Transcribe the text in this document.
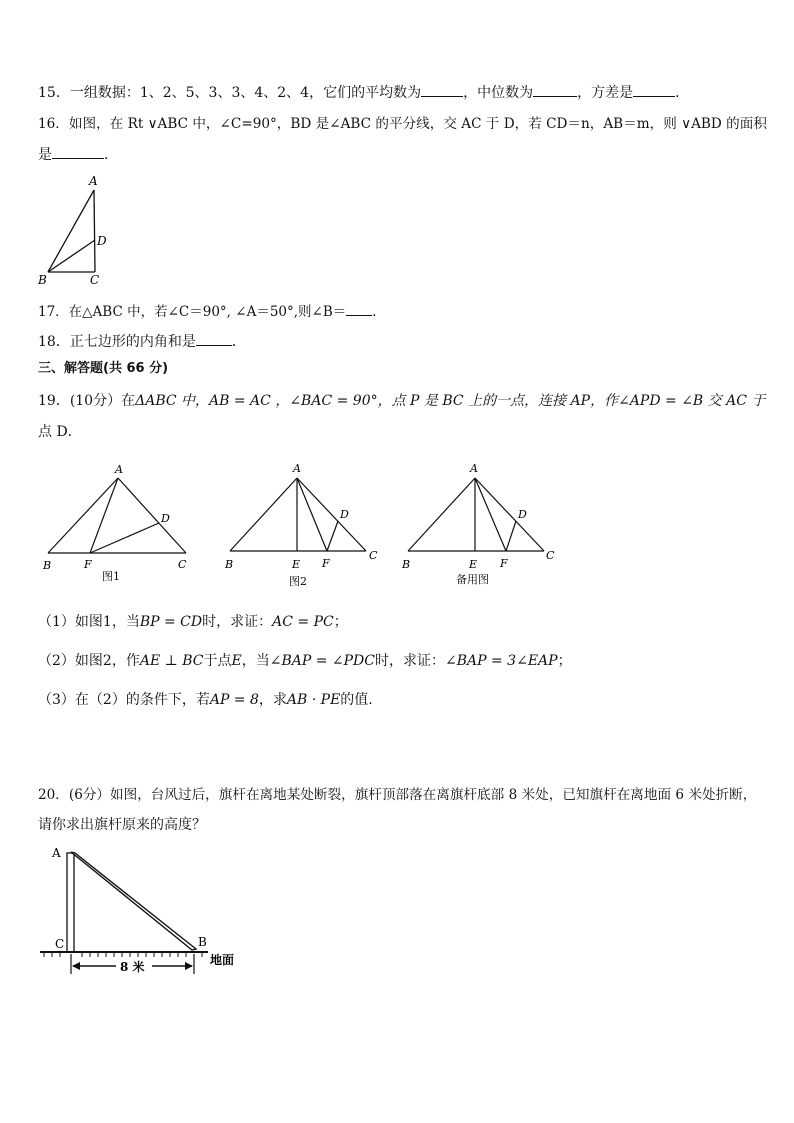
15．一组数据：1、2、5、3、3、4、2、4，它们的平均数为	，中位数为	，方差是	．
16．如图，在 Rt ∨ABC 中，∠C=90°，BD 是∠ABC 的平分线，交 AC 于 D，若 CD＝n，AB＝m，则 ∨ABD 的面积
是	．
A
D
B	C
17．在△ABC 中，若∠C＝90°, ∠A＝50°,则∠B＝ .
18．正七边形的内角和是	．
三、解答题(共 66 分)
19．(10分）在ΔABC 中，AB = AC ，∠BAC = 90°，点 P 是 BC 上的一点，连接 AP，作∠APD = ∠B 交 AC 于
点 D．
A
D
B	F	C
图1
A
D
B	E F
C
图2
A
D
B	E F
C
备用图
（1）如图1，当BP = CD时，求证：AC = PC；
（2）如图2，作AE ⊥ BC于点E，当∠BAP = ∠PDC时，求证：∠BAP = 3∠EAP；
（3）在（2）的条件下，若AP = 8，求AB · PE的值.
20．(6分）如图，台风过后，旗杆在离地某处断裂，旗杆顶部落在离旗杆底部 8 米处，已知旗杆在离地面 6 米处折断，
请你求出旗杆原来的高度？
8 米
A
C	B
地面
